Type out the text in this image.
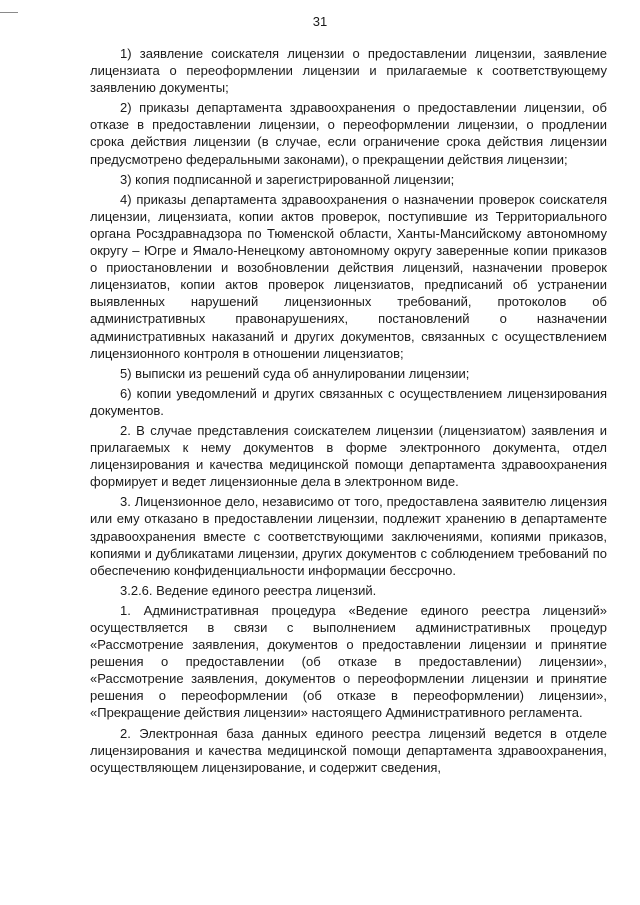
31

1) заявление соискателя лицензии о предоставлении лицензии, заявление лицензиата о переоформлении лицензии и прилагаемые к соответствующему заявлению документы;

2) приказы департамента здравоохранения о предоставлении лицензии, об отказе в предоставлении лицензии, о переоформлении лицензии, о продлении срока действия лицензии (в случае, если ограничение срока действия лицензии предусмотрено федеральными законами), о прекращении действия лицензии;

3) копия подписанной и зарегистрированной лицензии;

4) приказы департамента здравоохранения о назначении проверок соискателя лицензии, лицензиата, копии актов проверок, поступившие из Территориального органа Росздравнадзора по Тюменской области, Ханты-Мансийскому автономному округу – Югре и Ямало-Ненецкому автономному округу заверенные копии приказов о приостановлении и возобновлении действия лицензий, назначении проверок лицензиатов, копии актов проверок лицензиатов, предписаний об устранении выявленных нарушений лицензионных требований, протоколов об административных правонарушениях, постановлений о назначении административных наказаний и других документов, связанных с осуществлением лицензионного контроля в отношении лицензиатов;

5) выписки из решений суда об аннулировании лицензии;

6) копии уведомлений и других связанных с осуществлением лицензирования документов.

2. В случае представления соискателем лицензии (лицензиатом) заявления и прилагаемых к нему документов в форме электронного документа, отдел лицензирования и качества медицинской помощи департамента здравоохранения формирует и ведет лицензионные дела в электронном виде.

3. Лицензионное дело, независимо от того, предоставлена заявителю лицензия или ему отказано в предоставлении лицензии, подлежит хранению в департаменте здравоохранения вместе с соответствующими заключениями, копиями приказов, копиями и дубликатами лицензии, других документов с соблюдением требований по обеспечению конфиденциальности информации бессрочно.

3.2.6. Ведение единого реестра лицензий.

1. Административная процедура «Ведение единого реестра лицензий» осуществляется в связи с выполнением административных процедур «Рассмотрение заявления, документов о предоставлении лицензии и принятие решения о предоставлении (об отказе в предоставлении) лицензии», «Рассмотрение заявления, документов о переоформлении лицензии и принятие решения о переоформлении (об отказе в переоформлении) лицензии», «Прекращение действия лицензии» настоящего Административного регламента.

2. Электронная база данных единого реестра лицензий ведется в отделе лицензирования и качества медицинской помощи департамента здравоохранения, осуществляющем лицензирование, и содержит сведения,
